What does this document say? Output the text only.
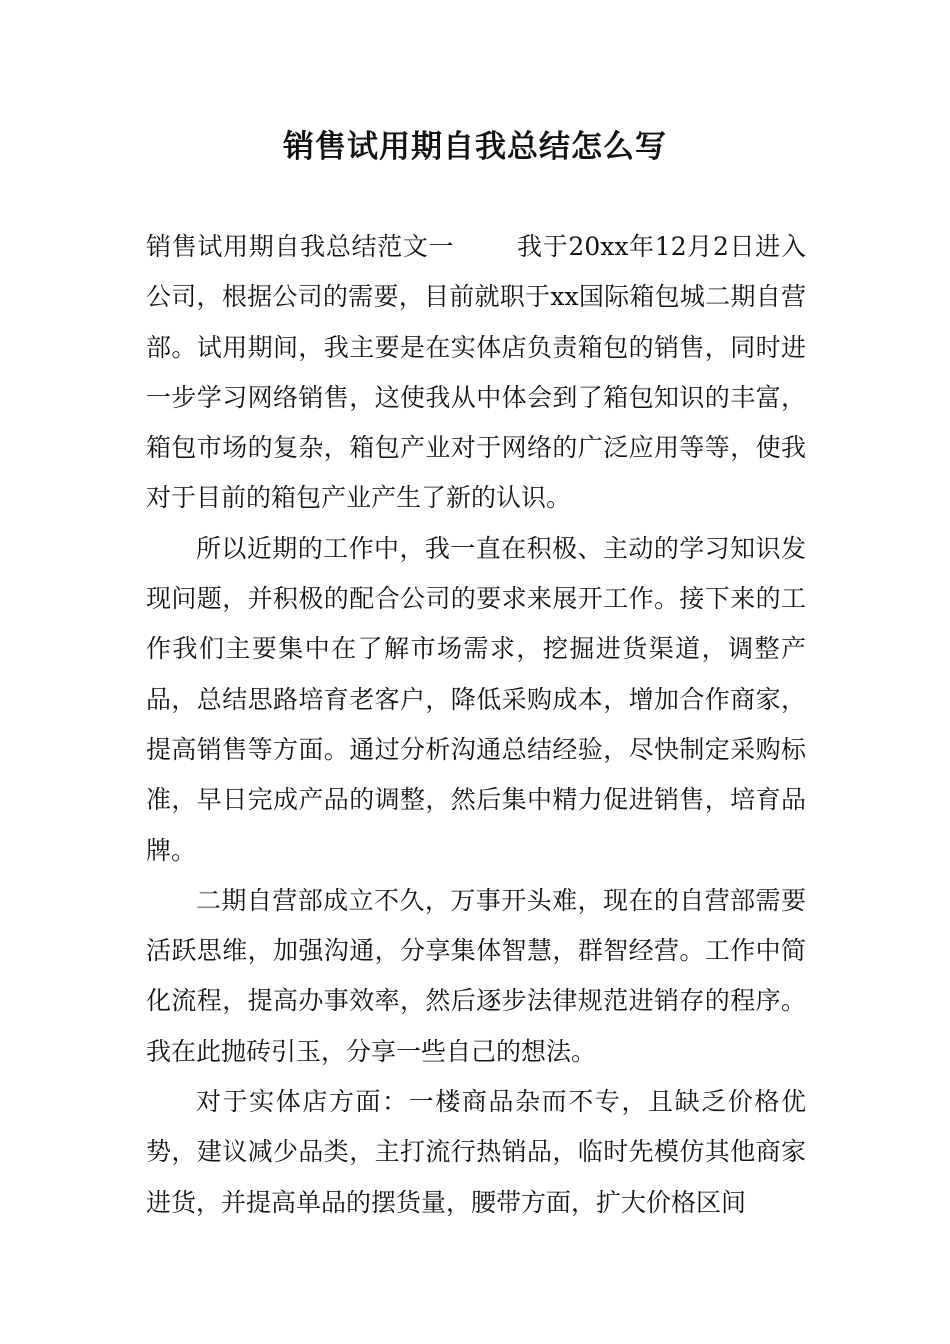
销售试用期自我总结怎么写

销售试用期自我总结范文一 我于20xx年12月2日进入公司，根据公司的需要，目前就职于xx国际箱包城二期自营部。试用期间，我主要是在实体店负责箱包的销售，同时进一步学习网络销售，这使我从中体会到了箱包知识的丰富，箱包市场的复杂，箱包产业对于网络的广泛应用等等，使我对于目前的箱包产业产生了新的认识。

所以近期的工作中，我一直在积极、主动的学习知识发现问题，并积极的配合公司的要求来展开工作。接下来的工作我们主要集中在了解市场需求，挖掘进货渠道，调整产品，总结思路培育老客户，降低采购成本，增加合作商家，提高销售等方面。通过分析沟通总结经验，尽快制定采购标准，早日完成产品的调整，然后集中精力促进销售，培育品牌。

二期自营部成立不久，万事开头难，现在的自营部需要活跃思维，加强沟通，分享集体智慧，群智经营。工作中简化流程，提高办事效率，然后逐步法律规范进销存的程序。我在此抛砖引玉，分享一些自己的想法。

对于实体店方面：一楼商品杂而不专，且缺乏价格优势，建议减少品类，主打流行热销品，临时先模仿其他商家进货，并提高单品的摆货量，腰带方面，扩大价格区间
